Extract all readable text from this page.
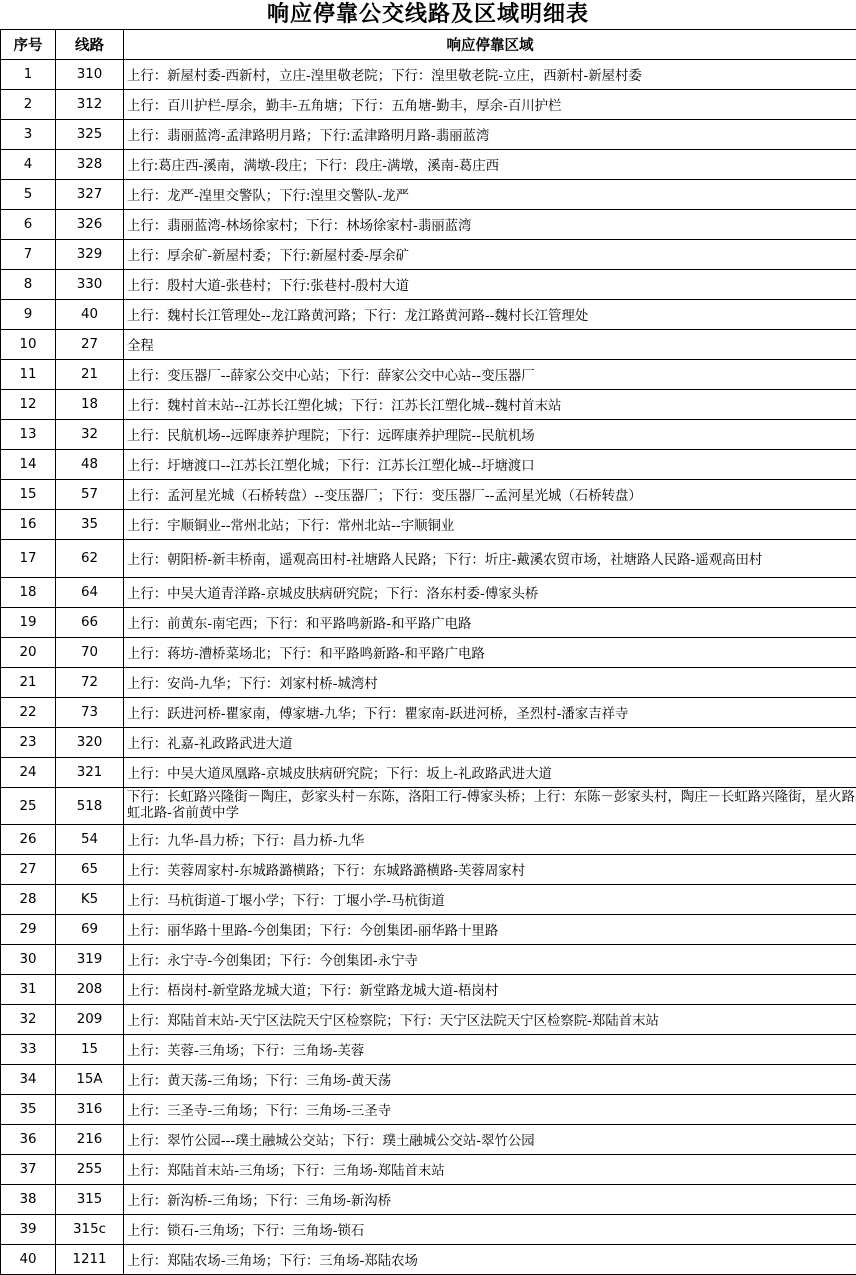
响应停靠公交线路及区域明细表
序号	线路	响应停靠区域
1	310	上行：新屋村委-西新村，立庄-湟里敬老院；下行：湟里敬老院-立庄，西新村-新屋村委
2	312	上行：百川护栏-厚余，勤丰-五角塘；下行：五角塘-勤丰，厚余-百川护栏
3	325	上行：翡丽蓝湾-孟津路明月路；下行:孟津路明月路-翡丽蓝湾
4	328	上行:葛庄西-溪南，满墩-段庄；下行：段庄-满墩，溪南-葛庄西
5	327	上行：龙严-湟里交警队；下行:湟里交警队-龙严
6	326	上行：翡丽蓝湾-林场徐家村；下行：林场徐家村-翡丽蓝湾
7	329	上行：厚余矿-新屋村委；下行:新屋村委-厚余矿
8	330	上行：殷村大道-张巷村；下行:张巷村-殷村大道
9	40	上行：魏村长江管理处--龙江路黄河路；下行：龙江路黄河路--魏村长江管理处
10	27	全程
11	21	上行：变压器厂--薛家公交中心站；下行：薛家公交中心站--变压器厂
12	18	上行：魏村首末站--江苏长江塑化城；下行：江苏长江塑化城--魏村首末站
13	32	上行：民航机场--远晖康养护理院；下行：远晖康养护理院--民航机场
14	48	上行：圩塘渡口--江苏长江塑化城；下行：江苏长江塑化城--圩塘渡口
15	57	上行：孟河星光城（石桥转盘）--变压器厂；下行：变压器厂--孟河星光城（石桥转盘）
16	35	上行：宇顺铜业--常州北站；下行：常州北站--宇顺铜业
17	62	上行：朝阳桥-新丰桥南，遥观高田村-社塘路人民路；下行：圻庄-戴溪农贸市场，社塘路人民路-遥观高田村
18	64	上行：中吴大道青洋路-京城皮肤病研究院；下行：洛东村委-傅家头桥
19	66	上行：前黄东-南宅西；下行：和平路鸣新路-和平路广电路
20	70	上行：蒋坊-漕桥菜场北；下行：和平路鸣新路-和平路广电路
21	72	上行：安尚-九华；下行：刘家村桥-城湾村
22	73	上行：跃进河桥-瞿家南，傅家塘-九华；下行：瞿家南-跃进河桥，圣烈村-潘家吉祥寺
23	320	上行：礼嘉-礼政路武进大道
24	321	上行：中吴大道凤凰路-京城皮肤病研究院；下行：坂上-礼政路武进大道
25	518	下行：长虹路兴隆街－陶庄，彭家头村－东陈，洛阳工行-傅家头桥；上行：东陈－彭家头村，陶庄－长虹路兴隆街，星火路虹北路-省前黄中学
26	54	上行：九华-昌力桥；下行：昌力桥-九华
27	65	上行：芙蓉周家村-东城路潞横路；下行：东城路潞横路-芙蓉周家村
28	K5	上行：马杭街道-丁堰小学；下行：丁堰小学-马杭街道
29	69	上行：丽华路十里路-今创集团；下行：今创集团-丽华路十里路
30	319	上行：永宁寺-今创集团；下行：今创集团-永宁寺
31	208	上行：梧岗村-新堂路龙城大道；下行：新堂路龙城大道-梧岗村
32	209	上行：郑陆首末站-天宁区法院天宁区检察院；下行：天宁区法院天宁区检察院-郑陆首末站
33	15	上行：芙蓉-三角场；下行：三角场-芙蓉
34	15A	上行：黄天荡-三角场；下行：三角场-黄天荡
35	316	上行：三圣寺-三角场；下行：三角场-三圣寺
36	216	上行：翠竹公园---璞土融城公交站；下行：璞土融城公交站-翠竹公园
37	255	上行：郑陆首末站-三角场；下行：三角场-郑陆首末站
38	315	上行：新沟桥-三角场；下行：三角场-新沟桥
39	315c	上行：锁石-三角场；下行：三角场-锁石
40	1211	上行：郑陆农场-三角场；下行：三角场-郑陆农场
